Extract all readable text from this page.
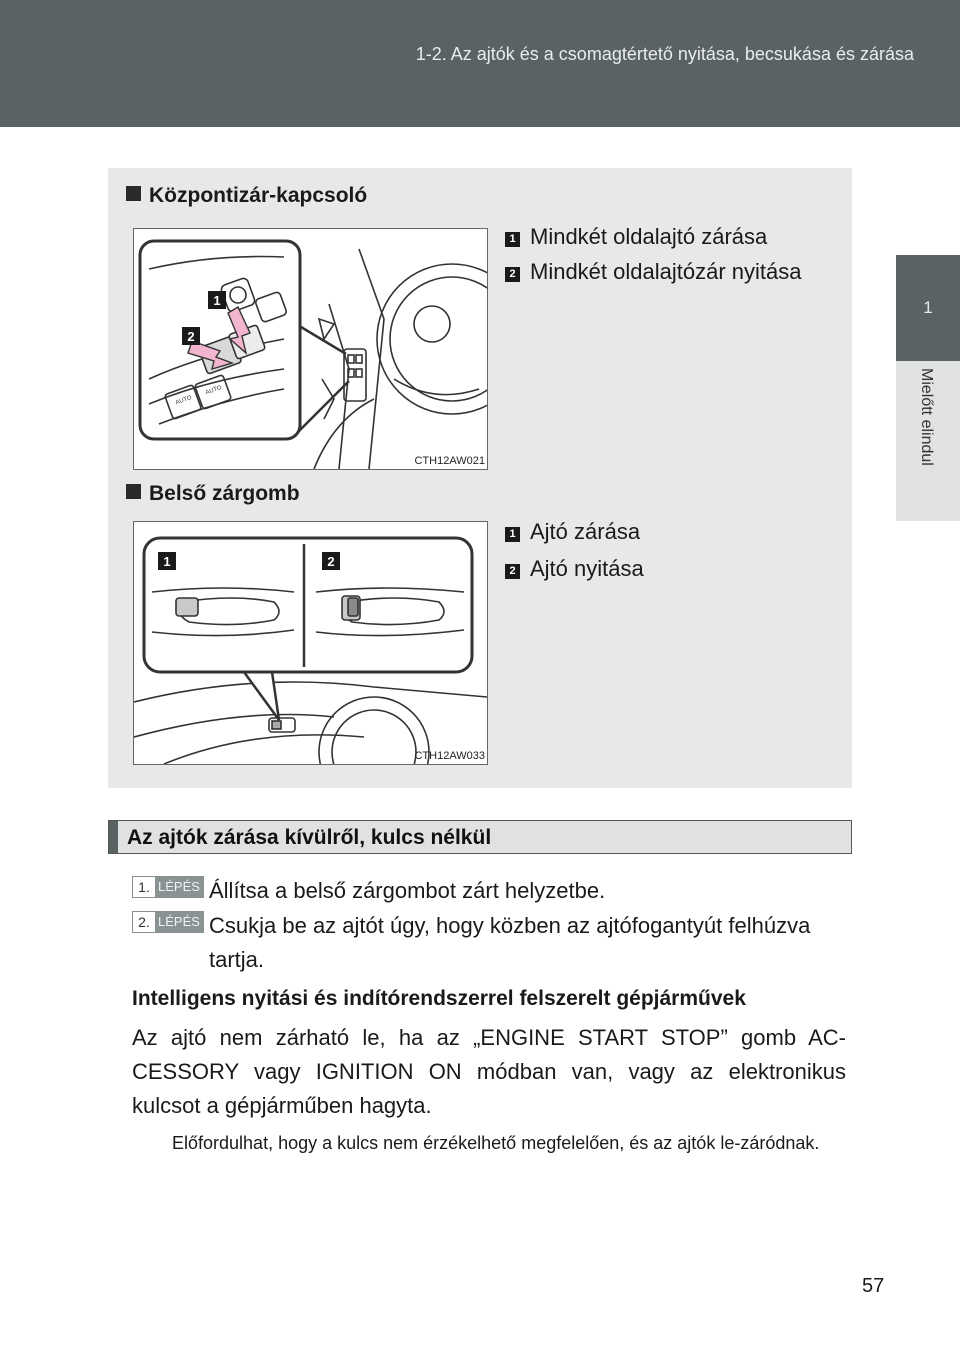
1-2. Az ajtók és a csomagtértető nyitása, becsukása és zárása
1
Mielőtt elindul
Központizár-kapcsoló
AUTO
AUTO
1
2
CTH12AW021
1 Mindkét oldalajtó zárása
2 Mindkét oldalajtózár nyitása
Belső zárgomb
1	2
CTH12AW033
1 Ajtó zárása
2 Ajtó nyitása
Az ajtók zárása kívülről, kulcs nélkül
1. LÉPÉS Állítsa a belső zárgombot zárt helyzetbe.
2. LÉPÉS Csukja be az ajtót úgy, hogy közben az ajtófogantyút felhúzva tartja.
Intelligens nyitási és indítórendszerrel felszerelt gépjárművek
Az ajtó nem zárható le, ha az „ENGINE START STOP” gomb AC-CESSORY vagy IGNITION ON módban van, vagy az elektronikus kulcsot a gépjárműben hagyta.
Előfordulhat, hogy a kulcs nem érzékelhető megfelelően, és az ajtók le-záródnak.
57
